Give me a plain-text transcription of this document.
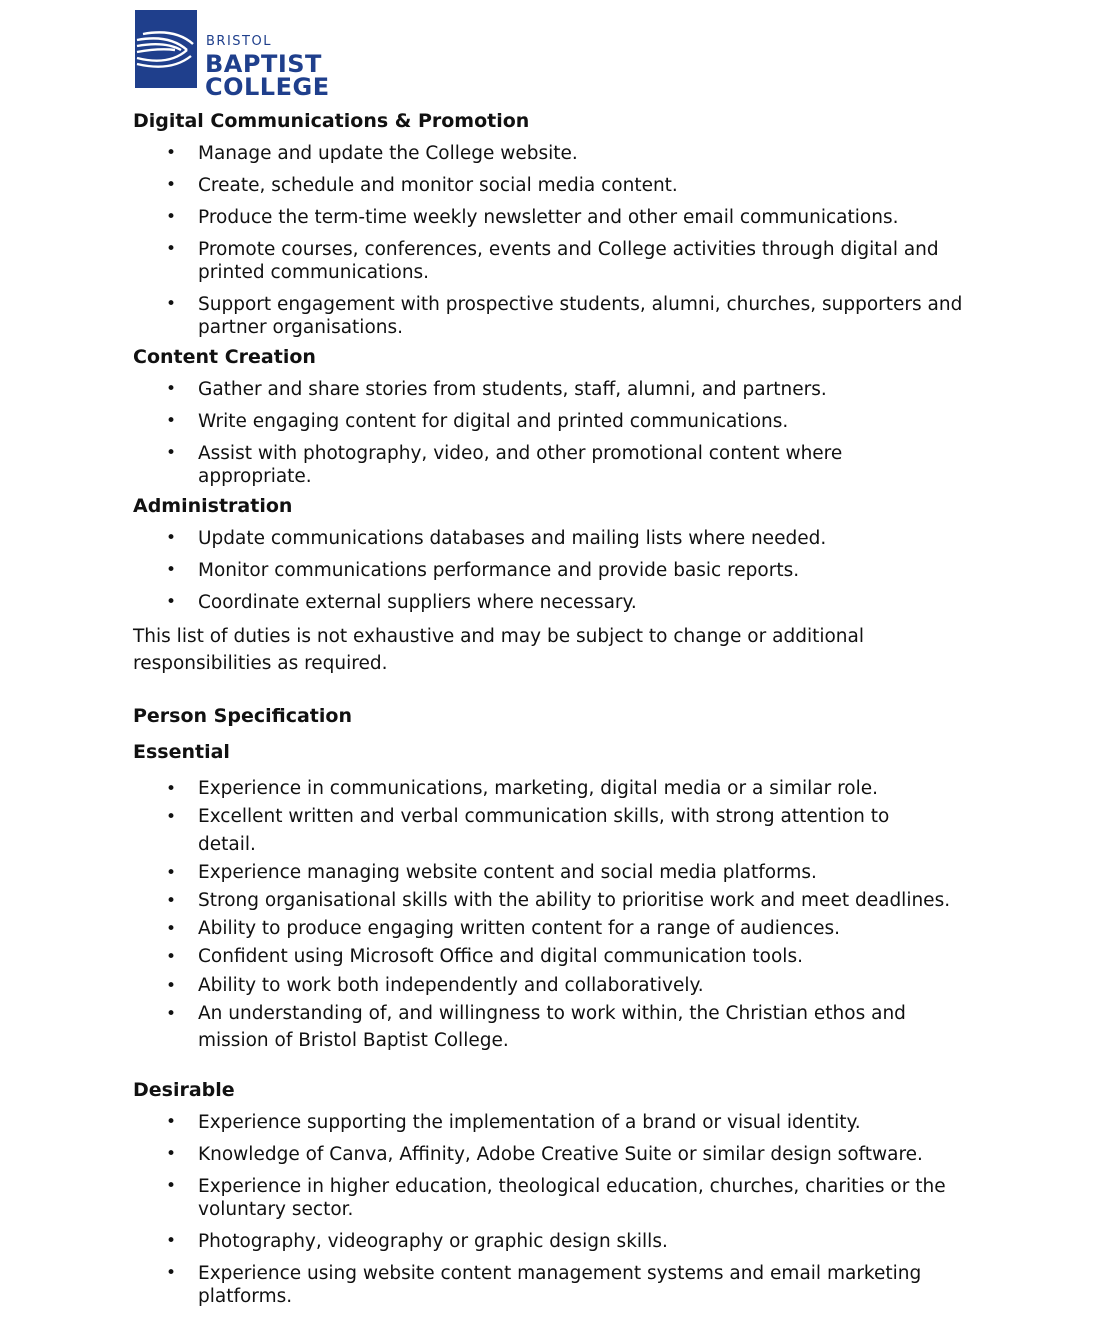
BRISTOL
BAPTIST
COLLEGE
Digital Communications & Promotion
• Manage and update the College website.
• Create, schedule and monitor social media content.
• Produce the term-time weekly newsletter and other email communications.
• Promote courses, conferences, events and College activities through digital and printed communications.
• Support engagement with prospective students, alumni, churches, supporters and partner organisations.
Content Creation
• Gather and share stories from students, staff, alumni, and partners.
• Write engaging content for digital and printed communications.
• Assist with photography, video, and other promotional content where appropriate.
Administration
• Update communications databases and mailing lists where needed.
• Monitor communications performance and provide basic reports.
• Coordinate external suppliers where necessary.

This list of duties is not exhaustive and may be subject to change or additional responsibilities as required.

Person Specification
Essential
• Experience in communications, marketing, digital media or a similar role.
• Excellent written and verbal communication skills, with strong attention to detail.
• Experience managing website content and social media platforms.
• Strong organisational skills with the ability to prioritise work and meet deadlines.
• Ability to produce engaging written content for a range of audiences.
• Confident using Microsoft Office and digital communication tools.
• Ability to work both independently and collaboratively.
• An understanding of, and willingness to work within, the Christian ethos and mission of Bristol Baptist College.
Desirable
• Experience supporting the implementation of a brand or visual identity.
• Knowledge of Canva, Affinity, Adobe Creative Suite or similar design software.
• Experience in higher education, theological education, churches, charities or the voluntary sector.
• Photography, videography or graphic design skills.
• Experience using website content management systems and email marketing platforms.
